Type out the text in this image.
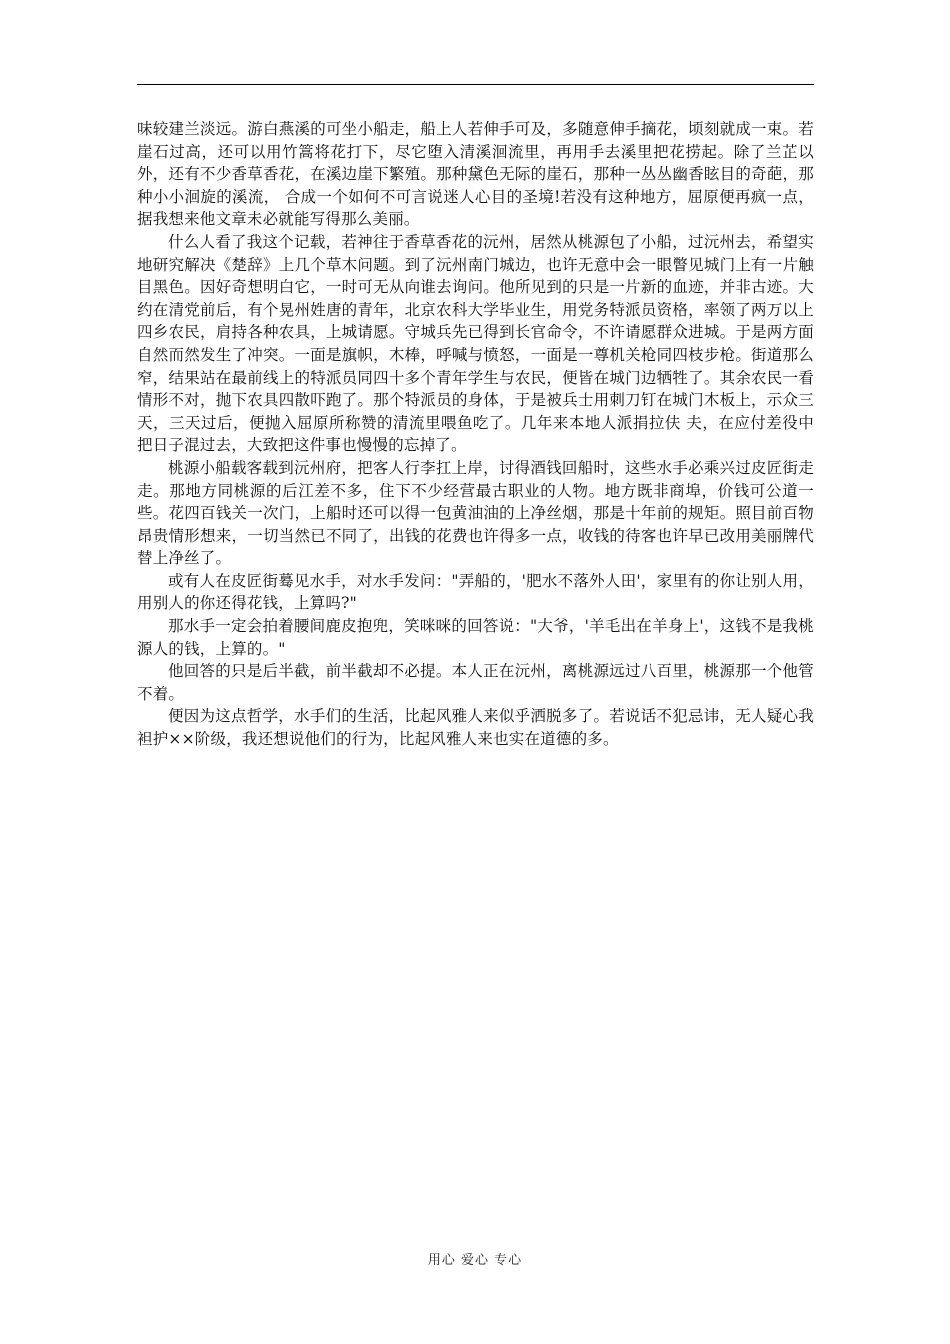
味较建兰淡远。游白燕溪的可坐小船走，船上人若伸手可及，多随意伸手摘花，顷刻就成一束。若崖石过高，还可以用竹篙将花打下，尽它堕入清溪洄流里，再用手去溪里把花捞起。除了兰芷以外，还有不少香草香花，在溪边崖下繁殖。那种黛色无际的崖石，那种一丛丛幽香眩目的奇葩，那种小小洄旋的溪流， 合成一个如何不可言说迷人心目的圣境!若没有这种地方，屈原便再疯一点，据我想来他文章未必就能写得那么美丽。

什么人看了我这个记载，若神往于香草香花的沅州，居然从桃源包了小船，过沅州去，希望实地研究解决《楚辞》上几个草木问题。到了沅州南门城边，也许无意中会一眼瞥见城门上有一片触目黑色。因好奇想明白它，一时可无从向谁去询问。他所见到的只是一片新的血迹，并非古迹。大约在清党前后，有个晃州姓唐的青年，北京农科大学毕业生，用党务特派员资格，率领了两万以上四乡农民，肩持各种农具，上城请愿。守城兵先已得到长官命令，不许请愿群众进城。于是两方面自然而然发生了冲突。一面是旗帜，木棒，呼喊与愤怒，一面是一尊机关枪同四枝步枪。街道那么窄，结果站在最前线上的特派员同四十多个青年学生与农民，便皆在城门边牺牲了。其余农民一看情形不对，抛下农具四散吓跑了。那个特派员的身体，于是被兵士用刺刀钉在城门木板上，示众三天，三天过后，便抛入屈原所称赞的清流里喂鱼吃了。几年来本地人派捐拉伕 夫，在应付差役中把日子混过去，大致把这件事也慢慢的忘掉了。

桃源小船载客载到沅州府，把客人行李扛上岸，讨得酒钱回船时，这些水手必乘兴过皮匠街走走。那地方同桃源的后江差不多，住下不少经营最古职业的人物。地方既非商埠，价钱可公道一些。花四百钱关一次门，上船时还可以得一包黄油油的上净丝烟，那是十年前的规矩。照目前百物昂贵情形想来，一切当然已不同了，出钱的花费也许得多一点，收钱的待客也许早已改用美丽牌代替上净丝了。

或有人在皮匠街蓦见水手，对水手发问："弄船的，'肥水不落外人田'，家里有的你让别人用，用别人的你还得花钱，上算吗?"

那水手一定会拍着腰间鹿皮抱兜，笑咪咪的回答说："大爷，'羊毛出在羊身上'，这钱不是我桃源人的钱，上算的。"

他回答的只是后半截，前半截却不必提。本人正在沅州，离桃源远过八百里，桃源那一个他管不着。

便因为这点哲学，水手们的生活，比起风雅人来似乎洒脱多了。若说话不犯忌讳，无人疑心我袒护××阶级，我还想说他们的行为，比起风雅人来也实在道德的多。

用心 爱心 专心
